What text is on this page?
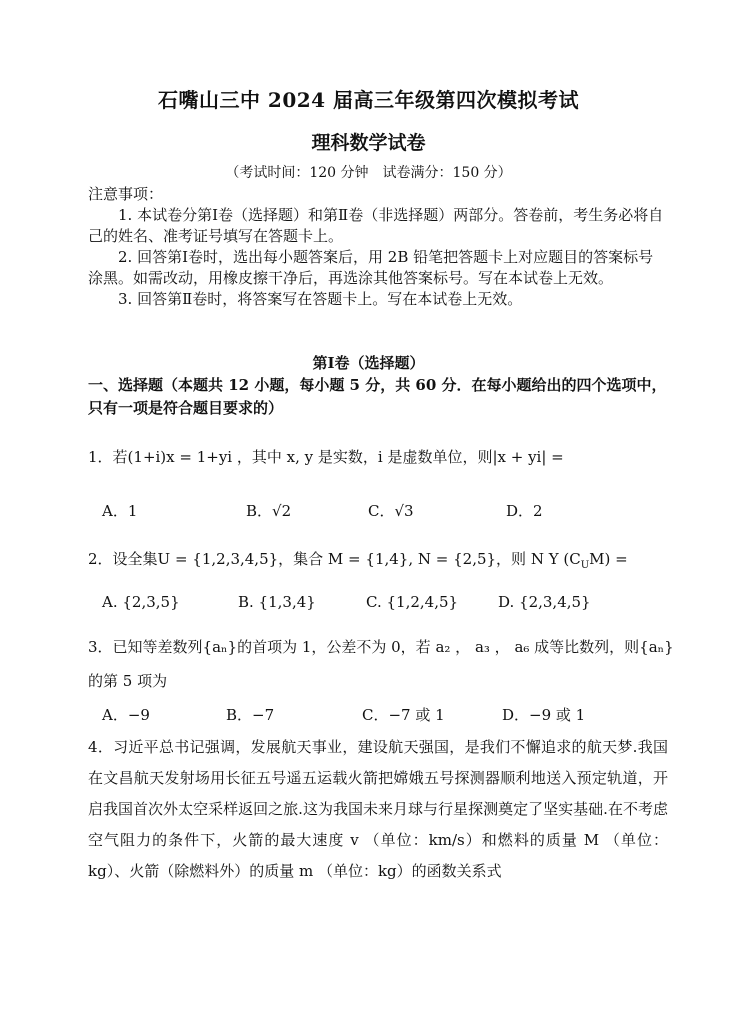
石嘴山三中 2024 届高三年级第四次模拟考试
理科数学试卷
（考试时间：120 分钟　试卷满分：150 分）
注意事项：
1. 本试卷分第Ⅰ卷（选择题）和第Ⅱ卷（非选择题）两部分。答卷前，考生务必将自己的姓名、准考证号填写在答题卡上。
2. 回答第Ⅰ卷时，选出每小题答案后，用 2B 铅笔把答题卡上对应题目的答案标号涂黑。如需改动，用橡皮擦干净后，再选涂其他答案标号。写在本试卷上无效。
3. 回答第Ⅱ卷时，将答案写在答题卡上。写在本试卷上无效。
第Ⅰ卷（选择题）
一、选择题（本题共 12 小题，每小题 5 分，共 60 分．在每小题给出的四个选项中，只有一项是符合题目要求的）
1．若(1+i)x = 1+yi ，其中 x, y 是实数，i 是虚数单位，则|x + yi| =
A．1	B．√2	C．√3	D．2
2．设全集U = {1,2,3,4,5}，集合 M = {1,4}, N = {2,5}，则 N Y $(C_UM)$ =
A. {2,3,5}	B. {1,3,4}	C. {1,2,4,5}	D. {2,3,4,5}
3．已知等差数列{aₙ}的首项为 1，公差不为 0，若 a₂ ， a₃ ， a₆ 成等比数列，则{aₙ}
的第 5 项为
A．−9	B．−7	C．−7 或 1	D．−9 或 1
4．习近平总书记强调，发展航天事业，建设航天强国，是我们不懈追求的航天梦.我国在文昌航天发射场用长征五号遥五运载火箭把嫦娥五号探测器顺利地送入预定轨道，开启我国首次外太空采样返回之旅.这为我国未来月球与行星探测奠定了坚实基础.在不考虑空气阻力的条件下，火箭的最大速度 v （单位：km/s）和燃料的质量 M （单位：kg）、火箭（除燃料外）的质量 m （单位：kg）的函数关系式
